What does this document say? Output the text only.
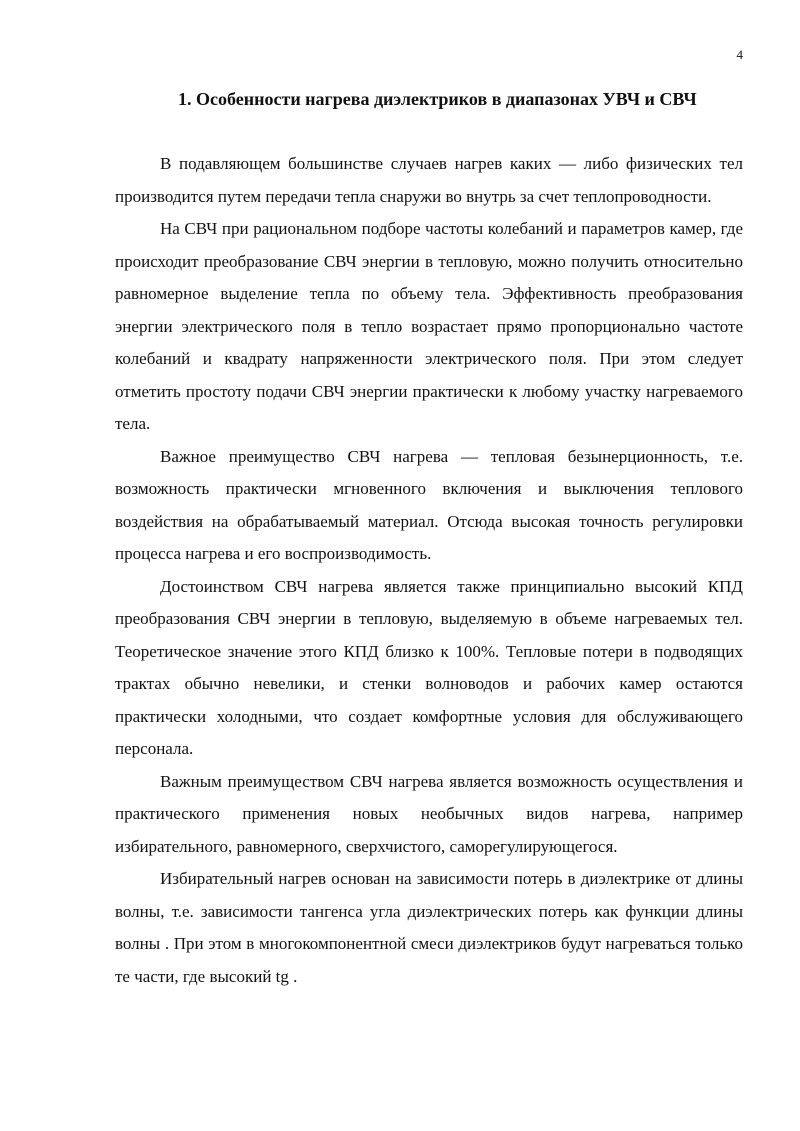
4
1. Особенности нагрева диэлектриков в диапазонах УВЧ и СВЧ

В подавляющем большинстве случаев нагрев каких — либо физических тел производится путем передачи тепла снаружи во внутрь за счет теплопроводности.

На СВЧ при рациональном подборе частоты колебаний и параметров камер, где происходит преобразование СВЧ энергии в тепловую, можно получить относительно равномерное выделение тепла по объему тела. Эффективность преобразования энергии электрического поля в тепло возрастает прямо пропорционально частоте колебаний и квадрату напряженности электрического поля. При этом следует отметить простоту подачи СВЧ энергии практически к любому участку нагреваемого тела.

Важное преимущество СВЧ нагрева — тепловая безынерционность, т.е. возможность практически мгновенного включения и выключения теплового воздействия на обрабатываемый материал. Отсюда высокая точность регулировки процесса нагрева и его воспроизводимость.

Достоинством СВЧ нагрева является также принципиально высокий КПД преобразования СВЧ энергии в тепловую, выделяемую в объеме нагреваемых тел. Теоретическое значение этого КПД близко к 100%. Тепловые потери в подводящих трактах обычно невелики, и стенки волноводов и рабочих камер остаются практически холодными, что создает комфортные условия для обслуживающего персонала.

Важным преимуществом СВЧ нагрева является возможность осуществления и практического применения новых необычных видов нагрева, например избирательного, равномерного, сверхчистого, саморегулирующегося.

Избирательный нагрев основан на зависимости потерь в диэлектрике от длины волны, т.е. зависимости тангенса угла диэлектрических потерь как функции длины волны . При этом в многокомпонентной смеси диэлектриков будут нагреваться только те части, где высокий tg .
